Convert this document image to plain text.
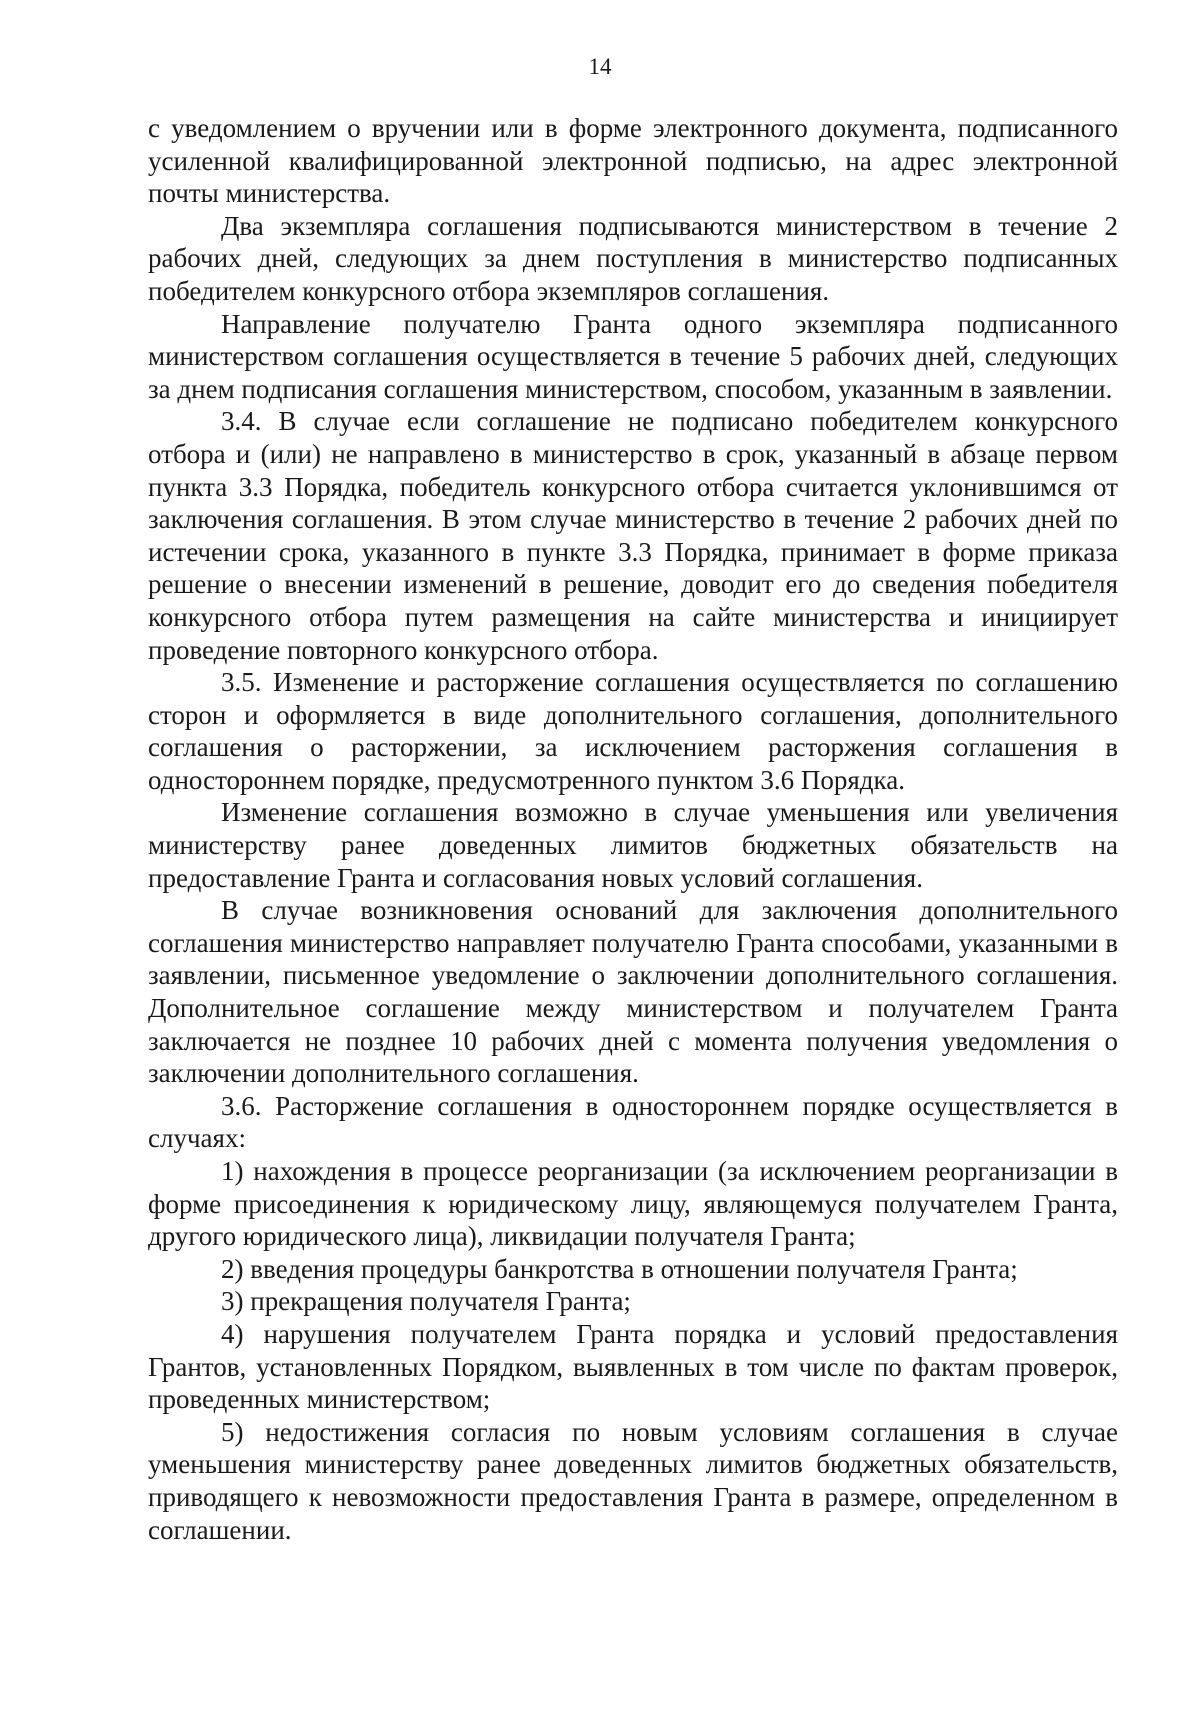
14

с уведомлением о вручении или в форме электронного документа, подписанного усиленной квалифицированной электронной подписью, на адрес электронной почты министерства.

Два экземпляра соглашения подписываются министерством в течение 2 рабочих дней, следующих за днем поступления в министерство подписанных победителем конкурсного отбора экземпляров соглашения.

Направление получателю Гранта одного экземпляра подписанного министерством соглашения осуществляется в течение 5 рабочих дней, следующих за днем подписания соглашения министерством, способом, указанным в заявлении.

3.4. В случае если соглашение не подписано победителем конкурсного отбора и (или) не направлено в министерство в срок, указанный в абзаце первом пункта 3.3 Порядка, победитель конкурсного отбора считается уклонившимся от заключения соглашения. В этом случае министерство в течение 2 рабочих дней по истечении срока, указанного в пункте 3.3 Порядка, принимает в форме приказа решение о внесении изменений в решение, доводит его до сведения победителя конкурсного отбора путем размещения на сайте министерства и инициирует проведение повторного конкурсного отбора.

3.5. Изменение и расторжение соглашения осуществляется по соглашению сторон и оформляется в виде дополнительного соглашения, дополнительного соглашения о расторжении, за исключением расторжения соглашения в одностороннем порядке, предусмотренного пунктом 3.6 Порядка.

Изменение соглашения возможно в случае уменьшения или увеличения министерству ранее доведенных лимитов бюджетных обязательств на предоставление Гранта и согласования новых условий соглашения.

В случае возникновения оснований для заключения дополнительного соглашения министерство направляет получателю Гранта способами, указанными в заявлении, письменное уведомление о заключении дополнительного соглашения. Дополнительное соглашение между министерством и получателем Гранта заключается не позднее 10 рабочих дней с момента получения уведомления о заключении дополнительного соглашения.

3.6. Расторжение соглашения в одностороннем порядке осуществляется в случаях:

1) нахождения в процессе реорганизации (за исключением реорганизации в форме присоединения к юридическому лицу, являющемуся получателем Гранта, другого юридического лица), ликвидации получателя Гранта;

2) введения процедуры банкротства в отношении получателя Гранта;

3) прекращения получателя Гранта;

4) нарушения получателем Гранта порядка и условий предоставления Грантов, установленных Порядком, выявленных в том числе по фактам проверок, проведенных министерством;

5) недостижения согласия по новым условиям соглашения в случае уменьшения министерству ранее доведенных лимитов бюджетных обязательств, приводящего к невозможности предоставления Гранта в размере, определенном в соглашении.
